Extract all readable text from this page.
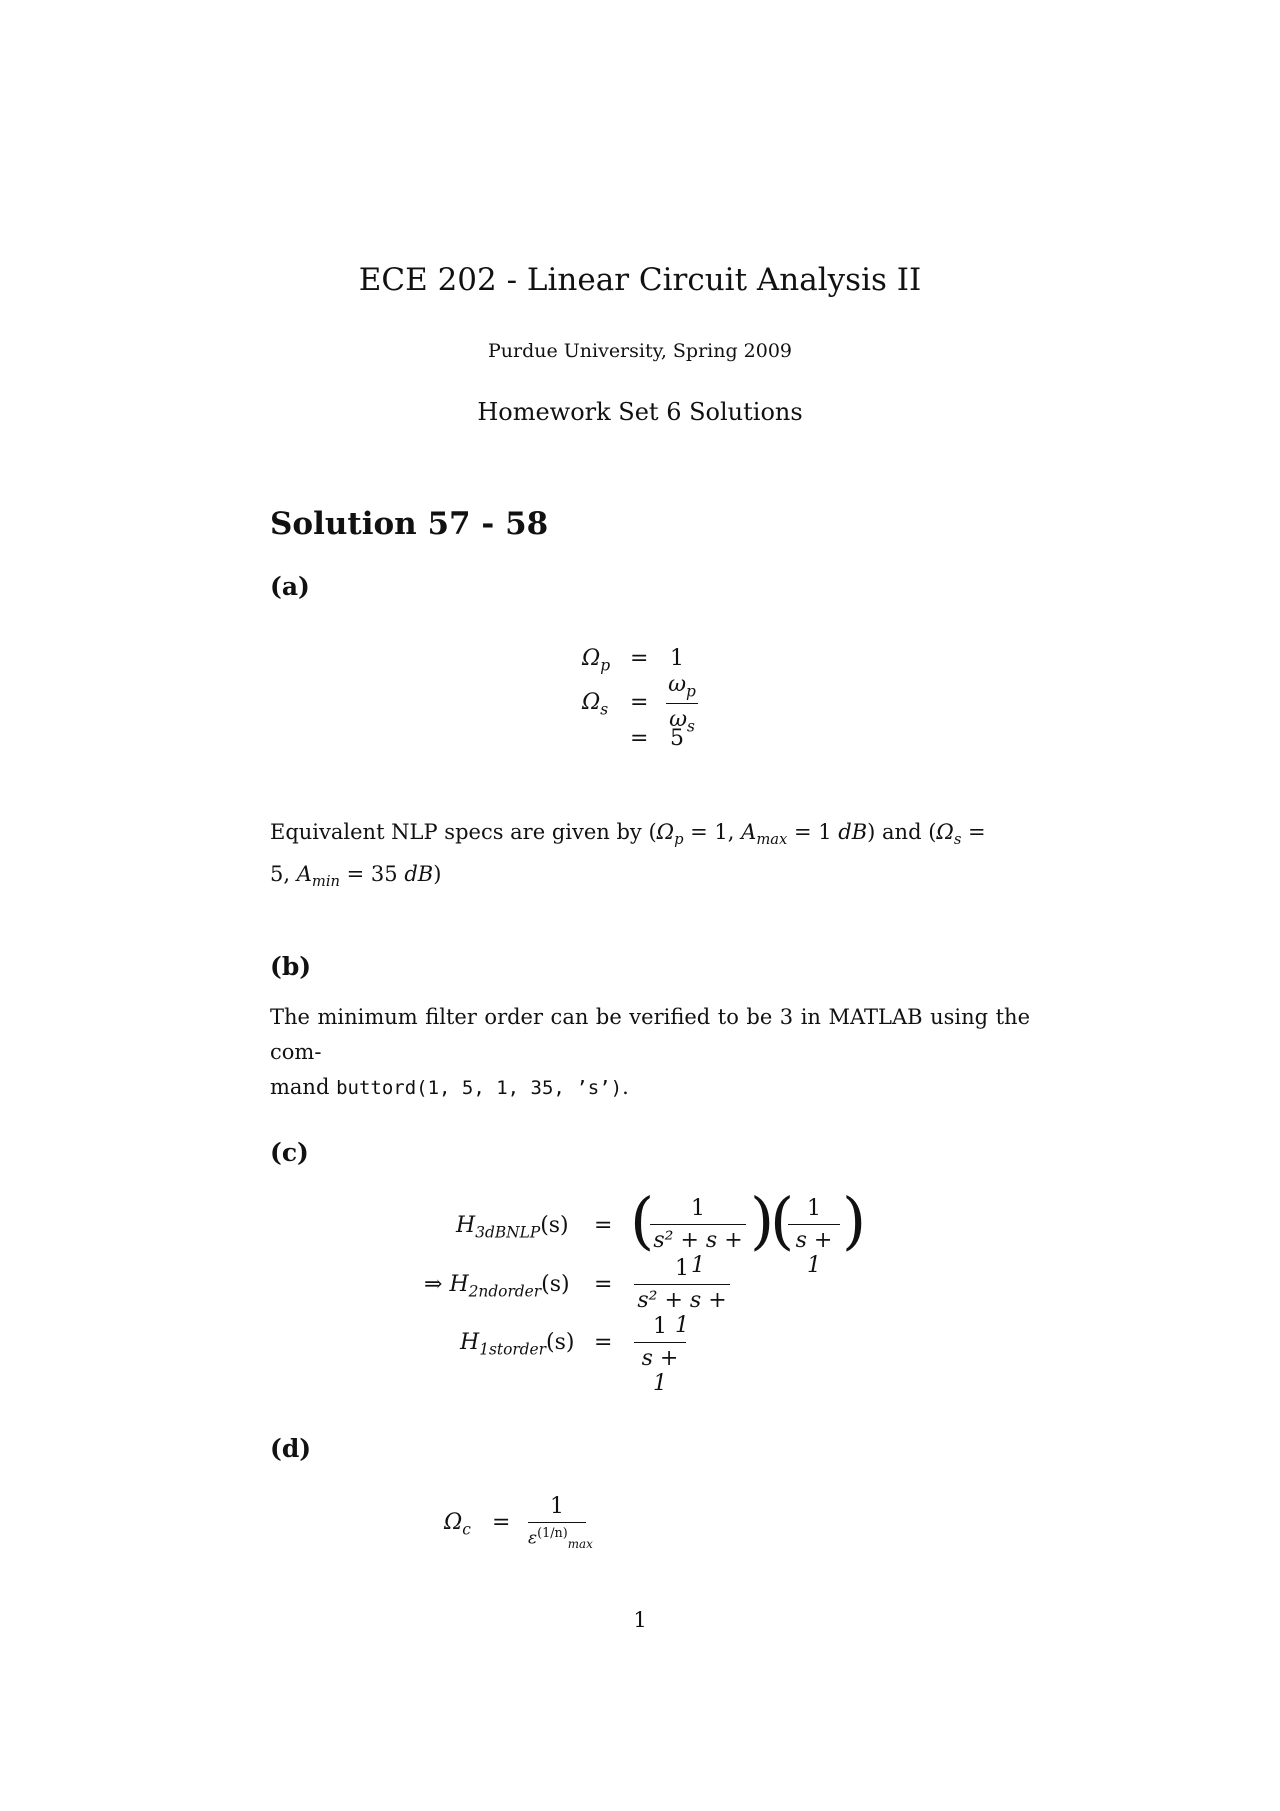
ECE 202 - Linear Circuit Analysis II
Purdue University, Spring 2009
Homework Set 6 Solutions
Solution 57 - 58
(a)
$\Omega_p = 1$
$\Omega_s$ =
$\omega_p$
$\omega_s$
= 5
Equivalent NLP specs are given by ($\Omega_p = 1$, $A_{max} = 1$ dB) and ($\Omega_s$ =
5, $A_{min} = 35$ dB)
(b)
The minimum filter order can be verified to be 3 in MATLAB using the com-
mand buttord(1, 5, 1, 35, ’s’).
(c)
$H_{3dBNLP}(s)$ = (	1
s² + s + 1
)
( 1
s + 1
)
⇒ $H_{2ndorder}(s)$ =
1
s² + s + 1
$H_{1storder}(s)$ =
1
s + 1
(d)
$\Omega_c$ =
1
$\varepsilon^{(1/n)}_{max}$
1
